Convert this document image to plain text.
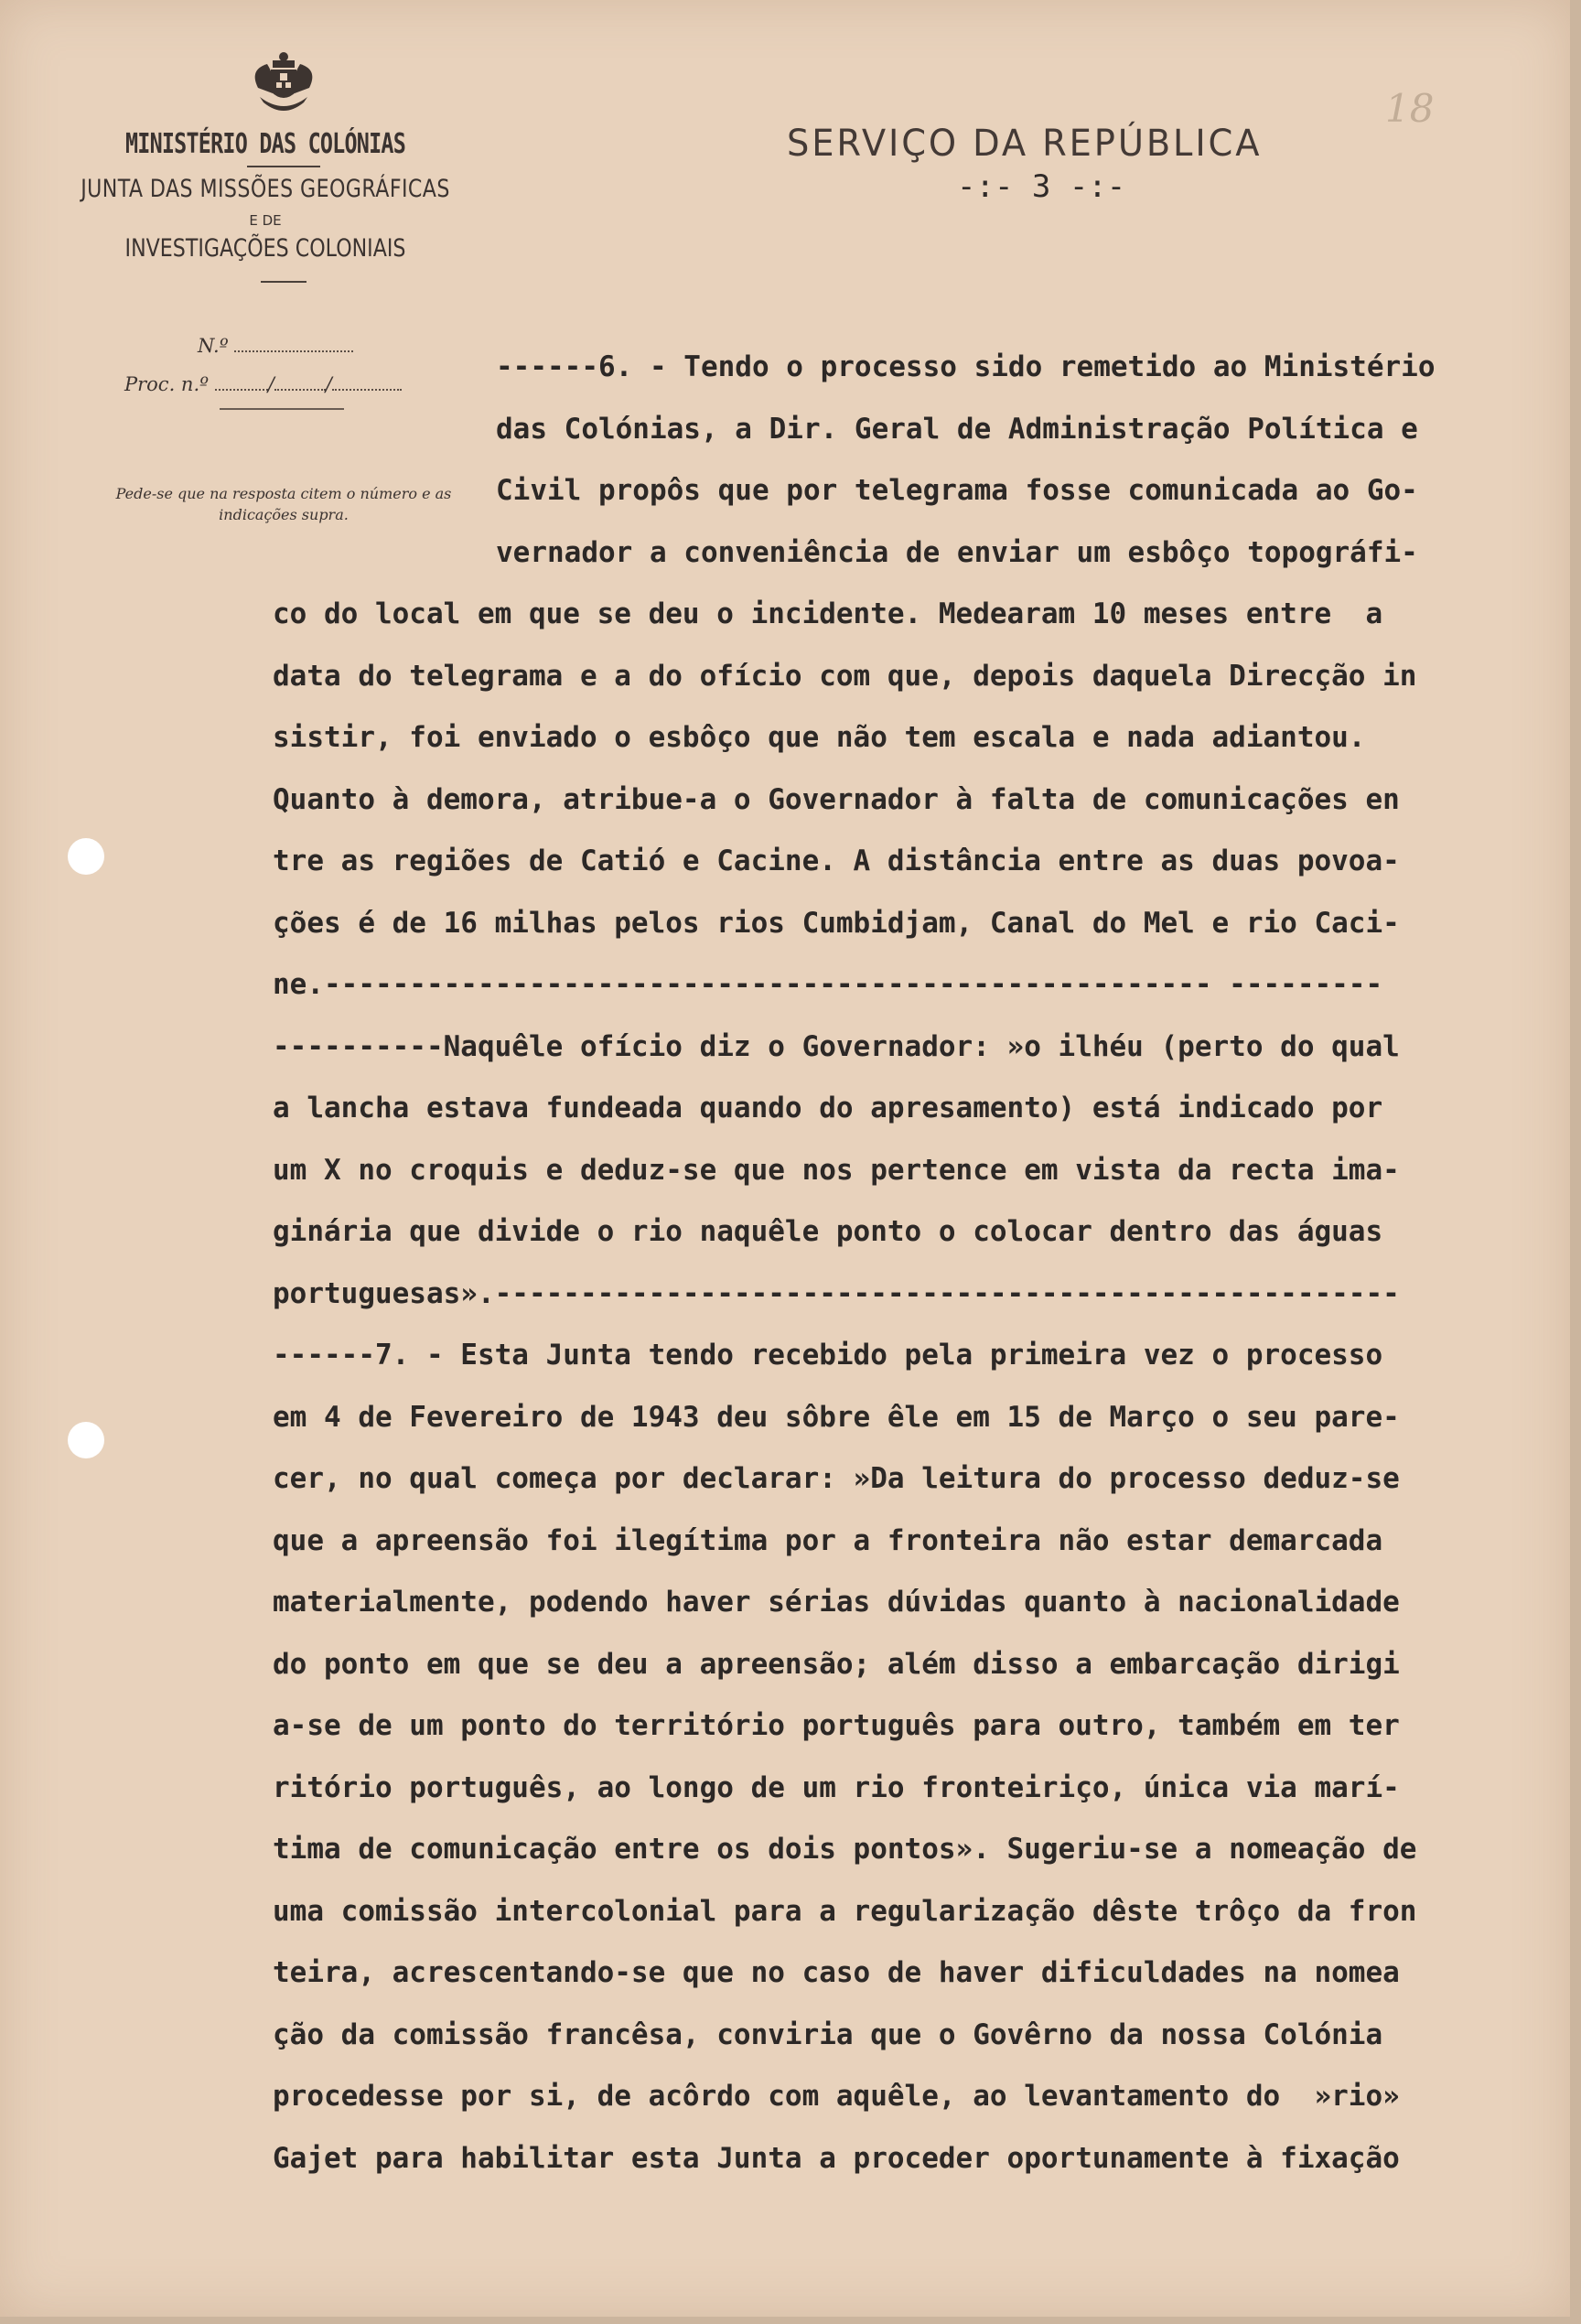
MINISTÉRIO DAS COLÓNIAS
JUNTA DAS MISSÕES GEOGRÁFICAS
E DE
INVESTIGAÇÕES COLONIAIS
N.º
Proc. n.º	/	/
Pede-se que na resposta citem o número e as indicações supra.
SERVIÇO DA REPÚBLICA
-:- 3 -:-
18
------6. - Tendo o processo sido remetido ao Ministério
das Colónias, a Dir. Geral de Administração Política e
Civil propôs que por telegrama fosse comunicada ao Go-
vernador a conveniência de enviar um esbôço topográfi-
co do local em que se deu o incidente. Medearam 10 meses entre  a
data do telegrama e a do ofício com que, depois daquela Direcção in
sistir, foi enviado o esbôço que não tem escala e nada adiantou.
Quanto à demora, atribue-a o Governador à falta de comunicações en
tre as regiões de Catió e Cacine. A distância entre as duas povoa-
ções é de 16 milhas pelos rios Cumbidjam, Canal do Mel e rio Caci-
ne.---------------------------------------------------- ---------
----------Naquêle ofício diz o Governador: »o ilhéu (perto do qual
a lancha estava fundeada quando do apresamento) está indicado por
um X no croquis e deduz-se que nos pertence em vista da recta ima-
ginária que divide o rio naquêle ponto o colocar dentro das águas
portuguesas».-----------------------------------------------------
------7. - Esta Junta tendo recebido pela primeira vez o processo
em 4 de Fevereiro de 1943 deu sôbre êle em 15 de Março o seu pare-
cer, no qual começa por declarar: »Da leitura do processo deduz-se
que a apreensão foi ilegítima por a fronteira não estar demarcada
materialmente, podendo haver sérias dúvidas quanto à nacionalidade
do ponto em que se deu a apreensão; além disso a embarcação dirigi
a-se de um ponto do território português para outro, também em ter
ritório português, ao longo de um rio fronteiriço, única via marí-
tima de comunicação entre os dois pontos». Sugeriu-se a nomeação de
uma comissão intercolonial para a regularização dêste trôço da fron
teira, acrescentando-se que no caso de haver dificuldades na nomea
ção da comissão francêsa, conviria que o Govêrno da nossa Colónia
procedesse por si, de acôrdo com aquêle, ao levantamento do  »rio»
Gajet para habilitar esta Junta a proceder oportunamente à fixação
